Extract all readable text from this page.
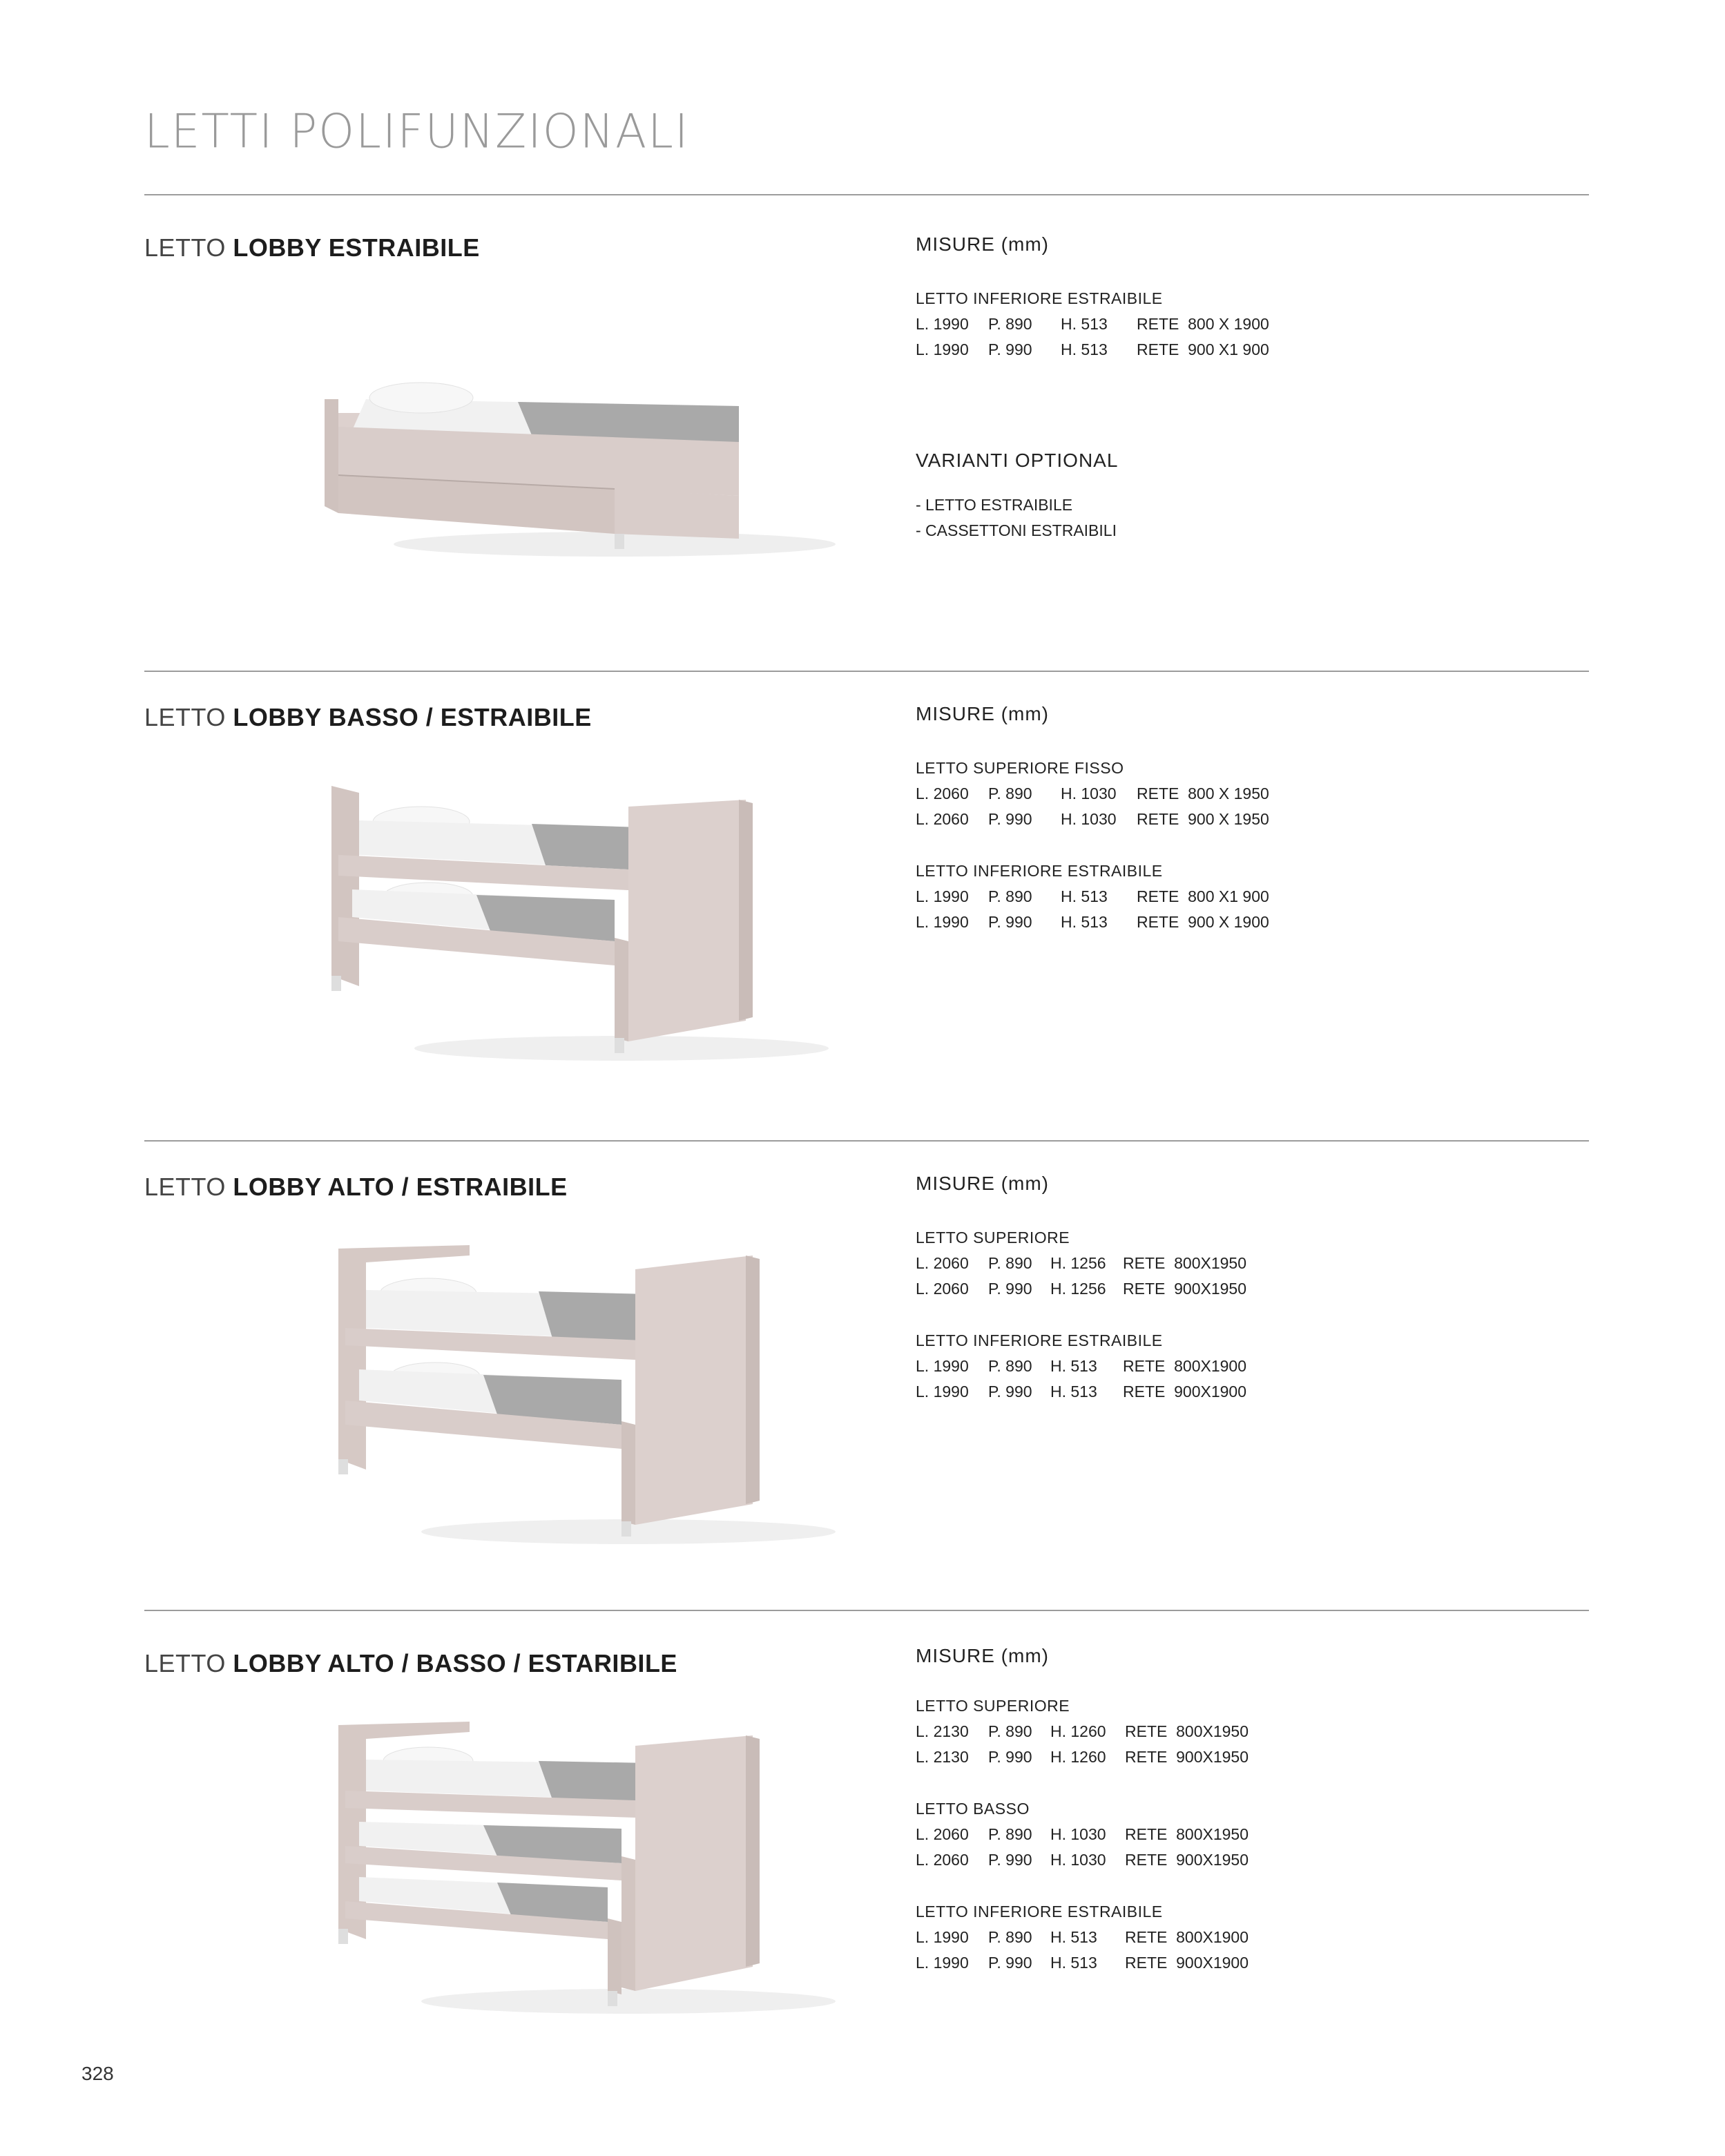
LETTI POLIFUNZIONALI
LETTO LOBBY ESTRAIBILE	MISURE (mm)
LETTO INFERIORE ESTRAIBILE
L. 1990 P. 890 H. 513 RETE  800 X 1900
L. 1990 P. 990 H. 513 RETE  900 X1 900
VARIANTI OPTIONAL
- LETTO ESTRAIBILE
- CASSETTONI ESTRAIBILI
LETTO LOBBY BASSO / ESTRAIBILE	MISURE (mm)
LETTO SUPERIORE FISSO
L. 2060 P. 890 H. 1030 RETE  800 X 1950
L. 2060 P. 990 H. 1030 RETE  900 X 1950
LETTO INFERIORE ESTRAIBILE
L. 1990 P. 890 H. 513 RETE  800 X1 900
L. 1990 P. 990 H. 513 RETE  900 X 1900
LETTO LOBBY ALTO / ESTRAIBILE	MISURE (mm)
LETTO SUPERIORE
L. 2060 P. 890 H. 1256 RETE  800X1950
L. 2060 P. 990 H. 1256 RETE  900X1950
LETTO INFERIORE ESTRAIBILE
L. 1990 P. 890 H. 513 RETE  800X1900
L. 1990 P. 990 H. 513 RETE  900X1900
LETTO LOBBY ALTO / BASSO / ESTARIBILE	MISURE (mm)
LETTO SUPERIORE
L. 2130 P. 890 H. 1260 RETE  800X1950
L. 2130 P. 990 H. 1260 RETE  900X1950
LETTO BASSO
L. 2060 P. 890 H. 1030 RETE  800X1950
L. 2060 P. 990 H. 1030 RETE  900X1950
LETTO INFERIORE ESTRAIBILE
L. 1990 P. 890 H. 513 RETE  800X1900
L. 1990 P. 990 H. 513 RETE  900X1900
328
